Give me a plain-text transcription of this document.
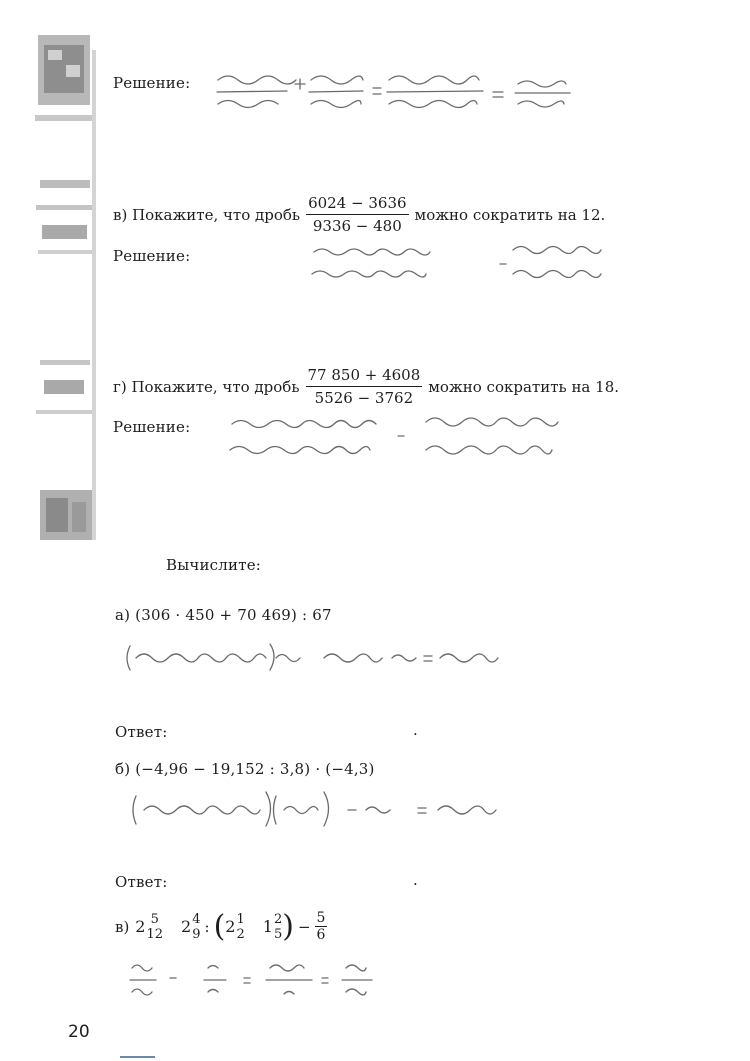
Решение:
в) Покажите, что дробь $\frac{6024 - 3636}{9336 - 480}$ можно сократить на 12.
Решение:
г) Покажите, что дробь $\frac{77 850 + 4608}{5526 - 3762}$ можно сократить на 18.
Решение:
Вычислите:
а) (306 · 450 + 70 469) : 67
Ответ:	.
б) (−4,96 − 19,152 : 3,8) · (−4,3)
Ответ:	.
в) 2 5
12 2 4
9 : ( 2 1
2 1 2
5 ) − $\frac{5}{6}$
20
